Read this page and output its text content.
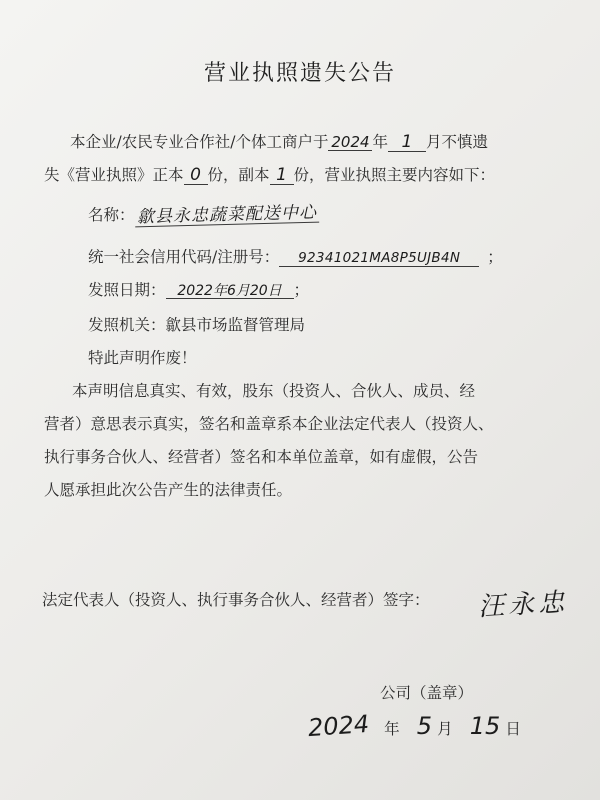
营业执照遗失公告
本企业/农民专业合作社/个体工商户于 2024 年 1 月不慎遗
失《营业执照》正本 0 份，副本 1 份，营业执照主要内容如下：
名称： 歙县永忠蔬菜配送中心
统一社会信用代码/注册号： 92341021MA8P5UJB4N ；
发照日期： 2022年6月20日 ；
发照机关：歙县市场监督管理局
特此声明作废！
本声明信息真实、有效，股东（投资人、合伙人、成员、经
营者）意思表示真实，签名和盖章系本企业法定代表人（投资人、
执行事务合伙人、经营者）签名和本单位盖章，如有虚假，公告
人愿承担此次公告产生的法律责任。
法定代表人（投资人、执行事务合伙人、经营者）签字： 汪永忠
公司（盖章）
2024 年 5 月 15 日
